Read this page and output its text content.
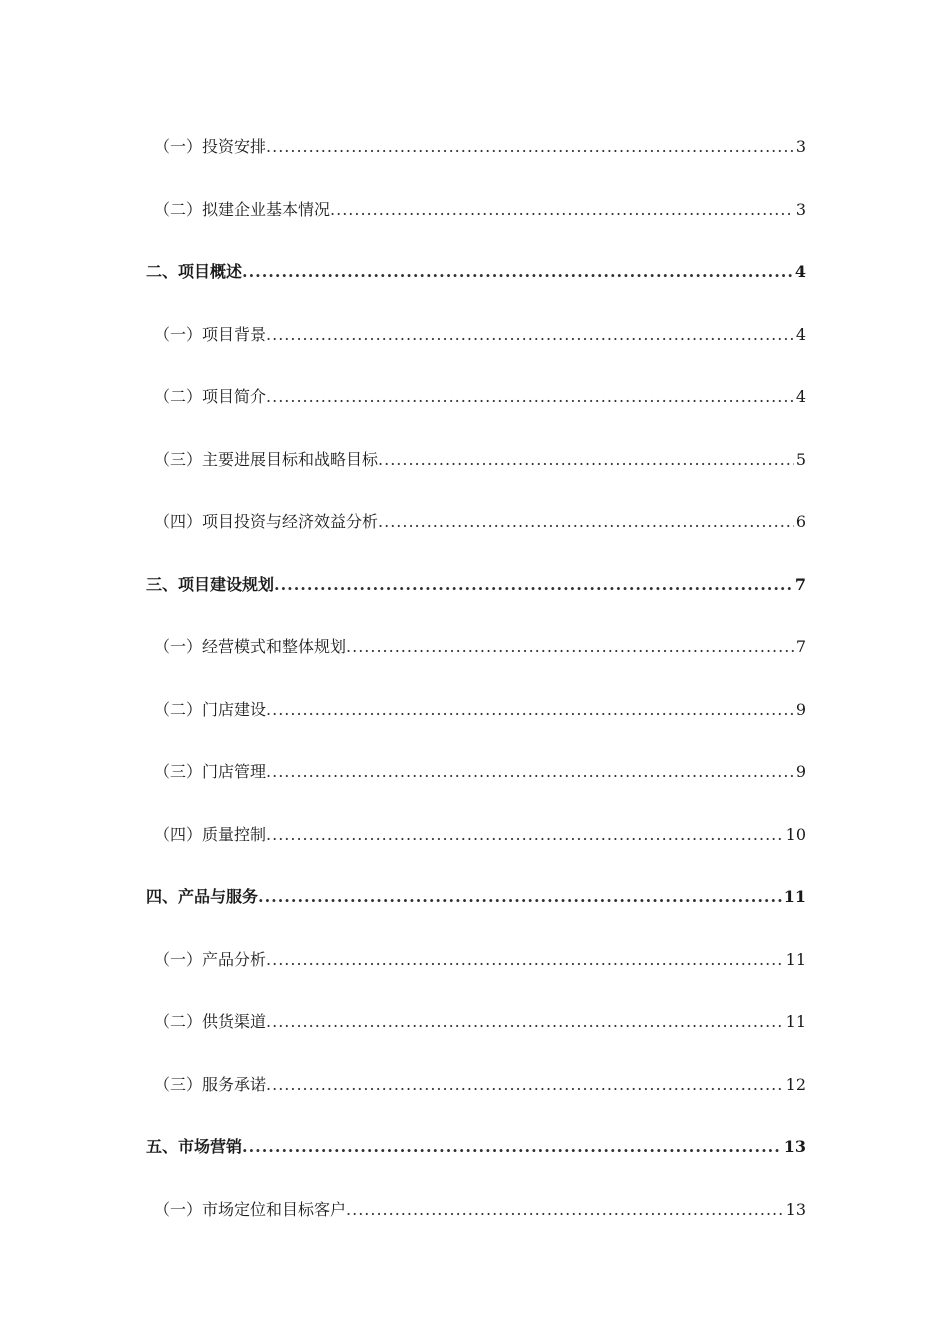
（一）投资安排 .....	3
（二）拟建企业基本情况 .....	3
二、项目概述 .....	4
（一）项目背景 .....	4
（二）项目简介 .....	4
（三）主要进展目标和战略目标 .....	5
（四）项目投资与经济效益分析 .....	6
三、项目建设规划 .....	7
（一）经营模式和整体规划 .....	7
（二）门店建设 .....	9
（三）门店管理 .....	9
（四）质量控制 .....	10
四、产品与服务 .....	11
（一）产品分析 .....	11
（二）供货渠道 .....	11
（三）服务承诺 .....	12
五、市场营销 .....	13
（一）市场定位和目标客户 .....	13
